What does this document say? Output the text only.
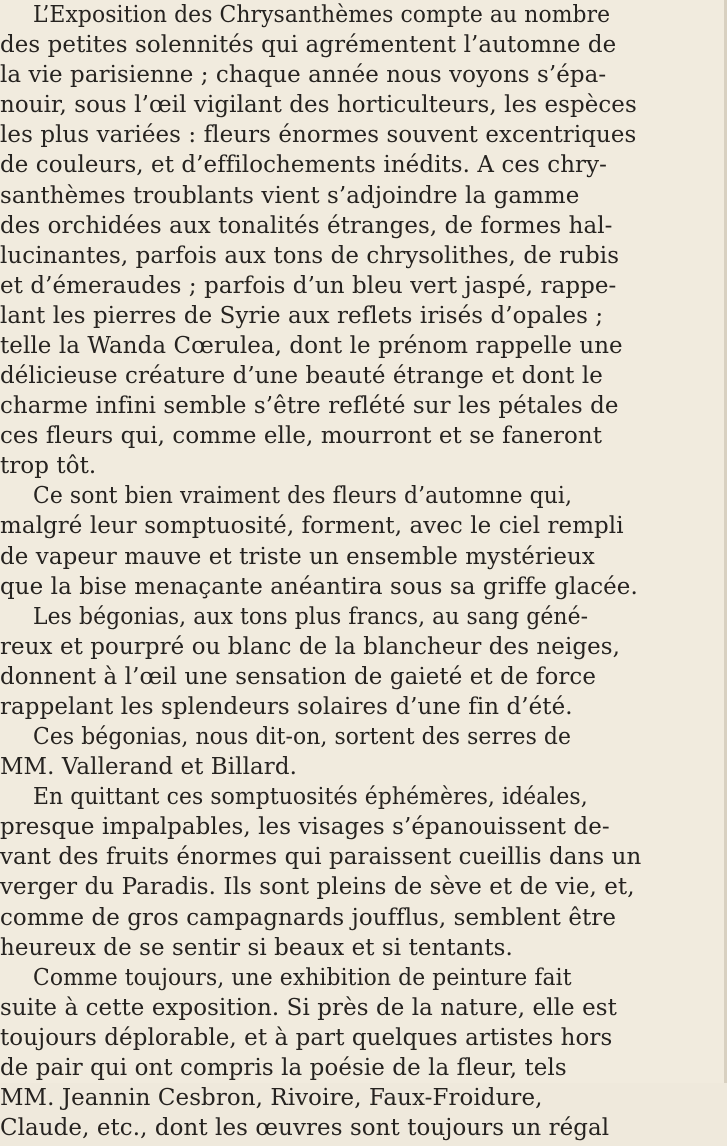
L’Exposition des Chrysanthèmes compte au nombre
des petites solennités qui agrémentent l’automne de
la vie parisienne ; chaque année nous voyons s’épa-
nouir, sous l’œil vigilant des horticulteurs, les espèces
les plus variées : fleurs énormes souvent excentriques
de couleurs, et d’effilochements inédits. A ces chry-
santhèmes troublants vient s’adjoindre la gamme
des orchidées aux tonalités étranges, de formes hal-
lucinantes, parfois aux tons de chrysolithes, de rubis
et d’émeraudes ; parfois d’un bleu vert jaspé, rappe-
lant les pierres de Syrie aux reflets irisés d’opales ;
telle la Wanda Cœrulea, dont le prénom rappelle une
délicieuse créature d’une beauté étrange et dont le
charme infini semble s’être reflété sur les pétales de
ces fleurs qui, comme elle, mourront et se faneront
trop tôt.
Ce sont bien vraiment des fleurs d’automne qui,
malgré leur somptuosité, forment, avec le ciel rempli
de vapeur mauve et triste un ensemble mystérieux
que la bise menaçante anéantira sous sa griffe glacée.
Les bégonias, aux tons plus francs, au sang géné-
reux et pourpré ou blanc de la blancheur des neiges,
donnent à l’œil une sensation de gaieté et de force
rappelant les splendeurs solaires d’une fin d’été.
Ces bégonias, nous dit-on, sortent des serres de
MM. Vallerand et Billard.
En quittant ces somptuosités éphémères, idéales,
presque impalpables, les visages s’épanouissent de-
vant des fruits énormes qui paraissent cueillis dans un
verger du Paradis. Ils sont pleins de sève et de vie, et,
comme de gros campagnards joufflus, semblent être
heureux de se sentir si beaux et si tentants.
Comme toujours, une exhibition de peinture fait
suite à cette exposition. Si près de la nature, elle est
toujours déplorable, et à part quelques artistes hors
de pair qui ont compris la poésie de la fleur, tels
MM. Jeannin Cesbron, Rivoire, Faux-Froidure,
Claude, etc., dont les œuvres sont toujours un régal
